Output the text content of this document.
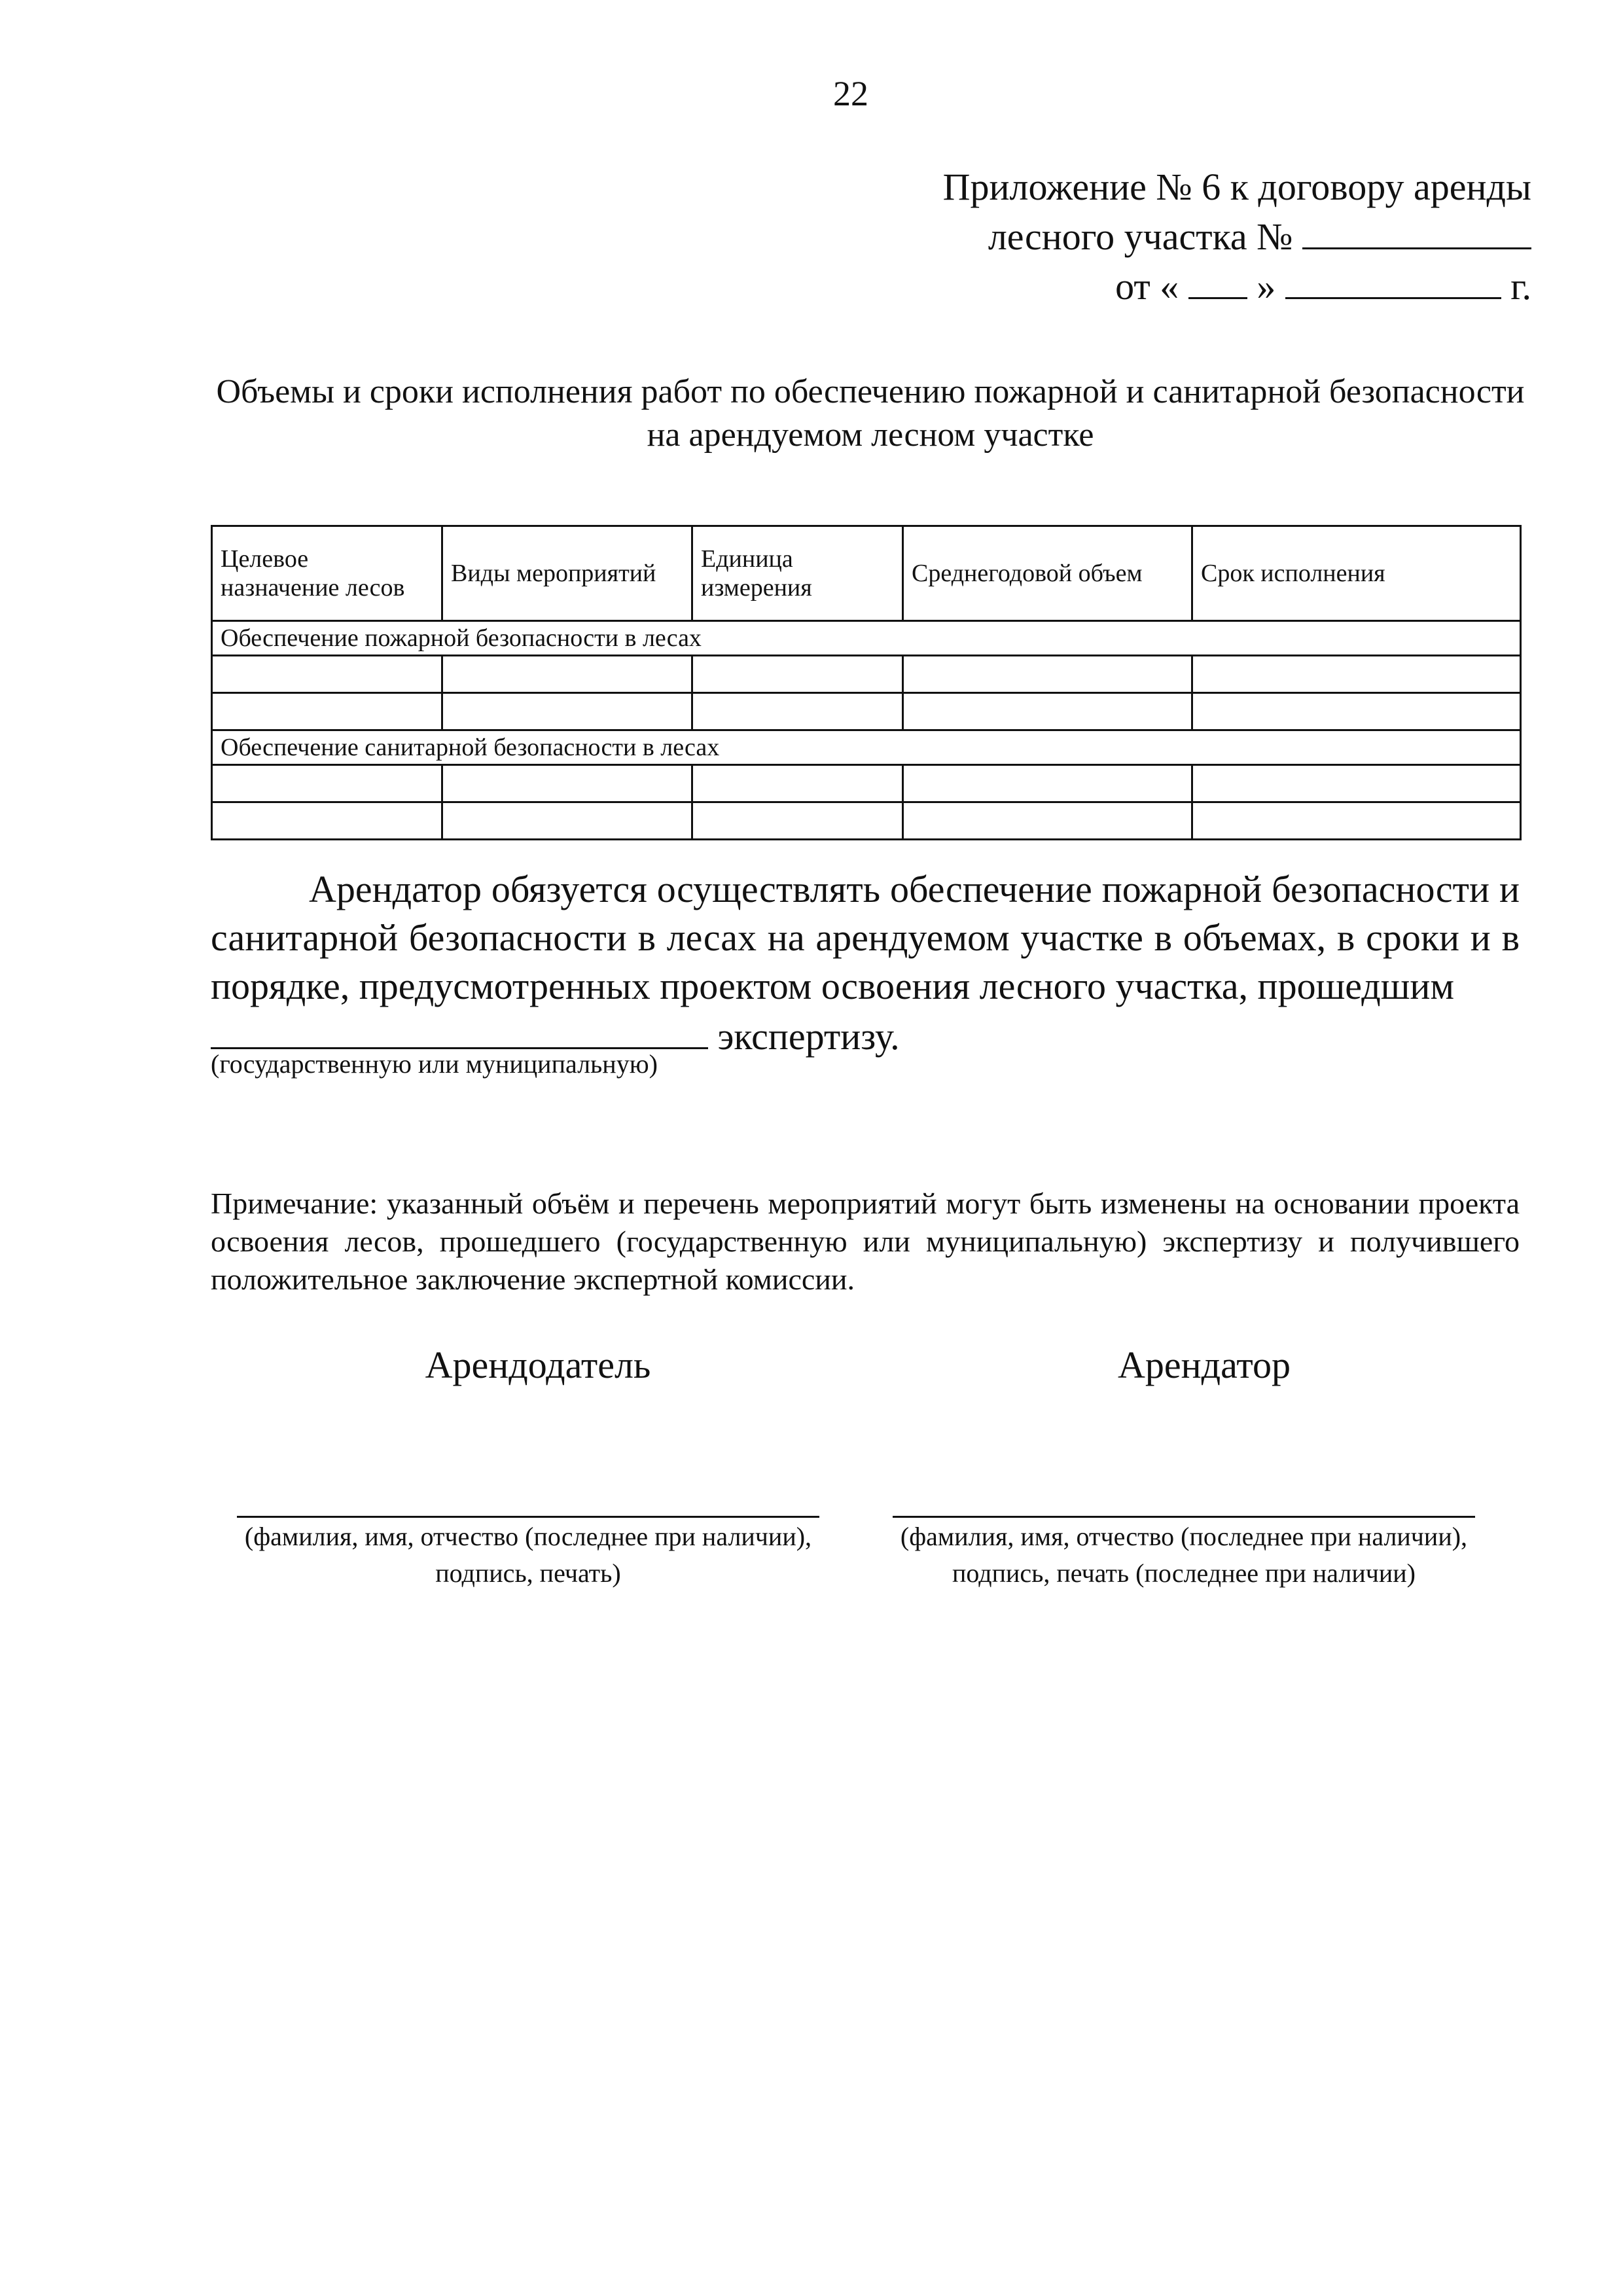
22
Приложение № 6 к договору аренды
лесного участка №
от « »	г.
Объемы и сроки исполнения работ по обеспечению пожарной и санитарной безопасности на арендуемом лесном участке
Целевое назначение лесов	Виды мероприятий	Единица измерения	Среднегодовой объем	Срок исполнения
Обеспечение пожарной безопасности в лесах				

Обеспечение санитарной безопасности в лесах				

Арендатор обязуется осуществлять обеспечение пожарной безопасности и санитарной безопасности в лесах на арендуемом участке в объемах, в сроки и в порядке, предусмотренных проектом освоения лесного участка, прошедшим
экспертизу.
(государственную или муниципальную)
Примечание: указанный объём и перечень мероприятий могут быть изменены на основании проекта освоения лесов, прошедшего (государственную или муниципальную) экспертизу и получившего положительное заключение экспертной комиссии.
Арендодатель	Арендатор
(фамилия, имя, отчество (последнее при наличии),
подпись, печать)
(фамилия, имя, отчество (последнее при наличии),
подпись, печать (последнее при наличии)
